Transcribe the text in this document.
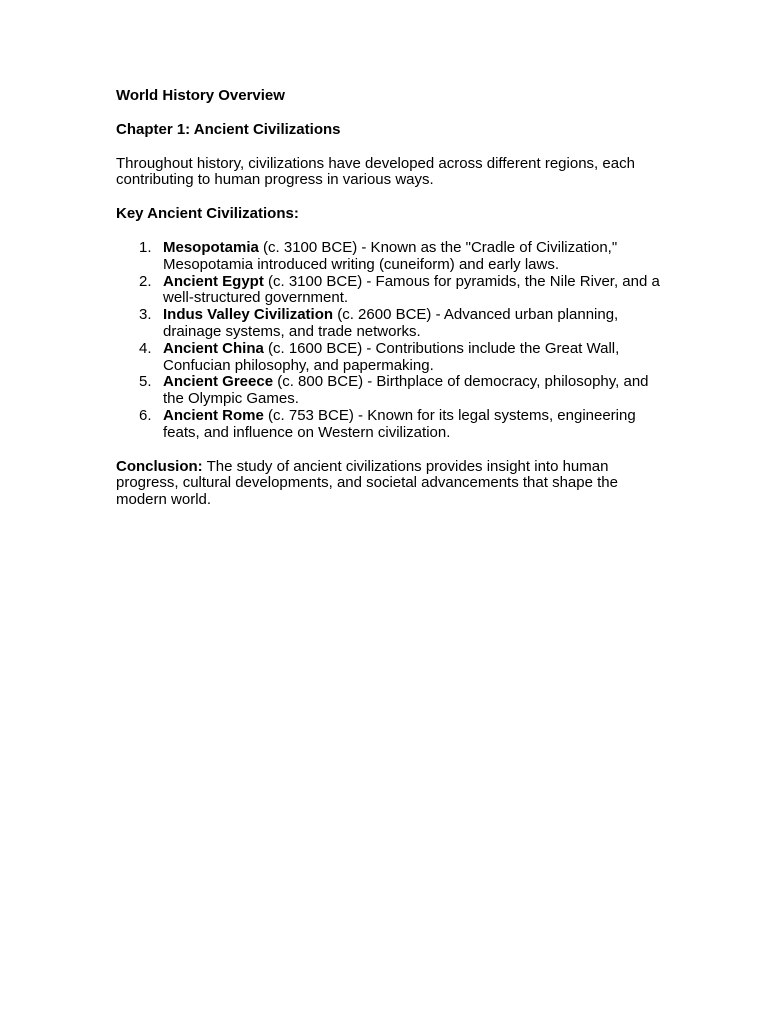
World History Overview
Chapter 1: Ancient Civilizations
Throughout history, civilizations have developed across different regions, each contributing to human progress in various ways.
Key Ancient Civilizations:
1. Mesopotamia (c. 3100 BCE) - Known as the "Cradle of Civilization," Mesopotamia introduced writing (cuneiform) and early laws.
2. Ancient Egypt (c. 3100 BCE) - Famous for pyramids, the Nile River, and a well-structured government.
3. Indus Valley Civilization (c. 2600 BCE) - Advanced urban planning, drainage systems, and trade networks.
4. Ancient China (c. 1600 BCE) - Contributions include the Great Wall, Confucian philosophy, and papermaking.
5. Ancient Greece (c. 800 BCE) - Birthplace of democracy, philosophy, and the Olympic Games.
6. Ancient Rome (c. 753 BCE) - Known for its legal systems, engineering feats, and influence on Western civilization.
Conclusion: The study of ancient civilizations provides insight into human progress, cultural developments, and societal advancements that shape the modern world.
